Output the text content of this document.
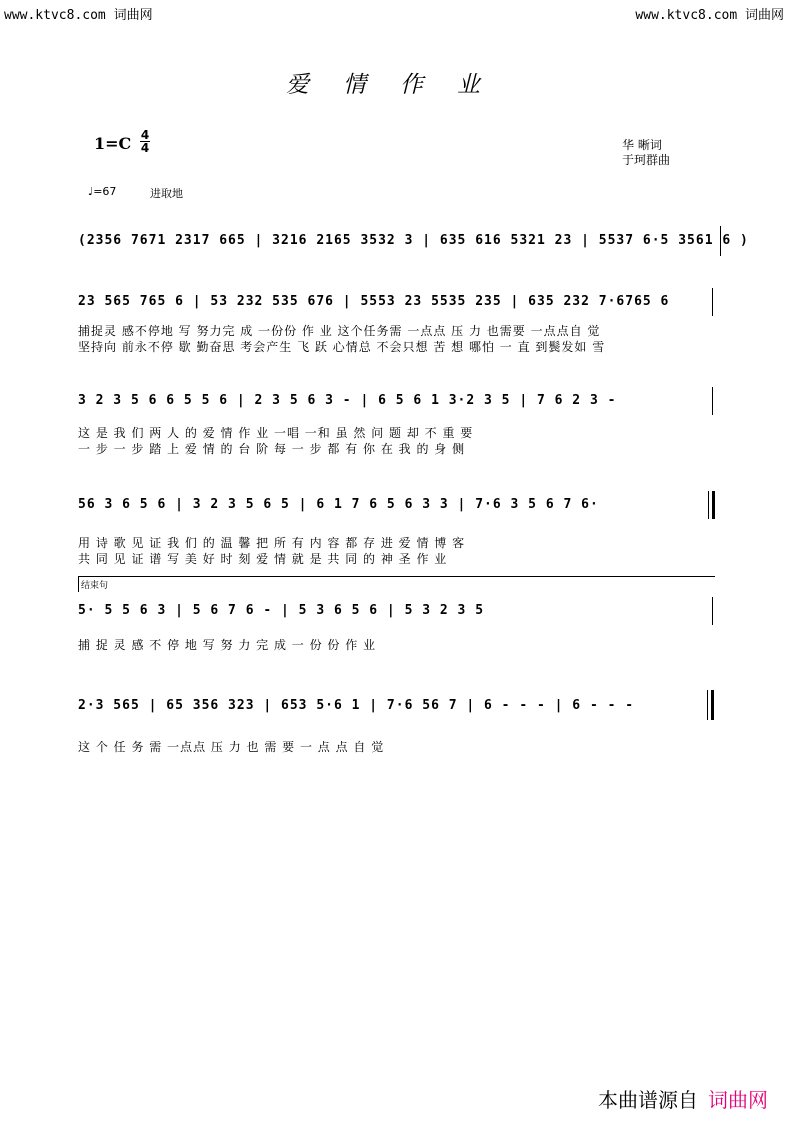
www.ktvc8.com 词曲网	www.ktvc8.com 词曲网
爱情作业
1=C 4
4	华 晰词
于珂群曲
♩=67	进取地
(2356 7671 2317 665 | 3216 2165 3532 3 | 635 616 5321 23 | 5537 6·5 3561 6 )
23 565 765 6 | 53 232 535 676 | 5553 23 5535 235 | 635 232 7·6765 6
捕捉灵 感不停地 写 努力完 成 一份份 作 业 这个任务需 一点点 压 力 也需要 一点点自 觉
坚持向 前永不停 歇 勤奋思 考会产生 飞 跃 心情总 不会只想 苦 想 哪怕 一 直 到鬓发如 雪
3 2 3 5 6 6 5 5 6 | 2 3 5 6 3 - | 6 5 6 1 3·2 3 5 | 7 6 2 3 -
这 是 我 们 两 人 的 爱 情 作 业 一唱 一和 虽 然 问 题 却 不 重 要
一 步 一 步 踏 上 爱 情 的 台 阶 每 一 步 都 有 你 在 我 的 身 侧
56 3 6 5 6 | 3 2 3 5 6 5 | 6 1 7 6 5 6 3 3 | 7·6 3 5 6 7 6·
用 诗 歌 见 证 我 们 的 温 馨 把 所 有 内 容 都 存 进 爱 情 博 客
共 同 见 证 谱 写 美 好 时 刻 爱 情 就 是 共 同 的 神 圣 作 业
结束句
5· 5 5 6 3 | 5 6 7 6 - | 5 3 6 5 6 | 5 3 2 3 5
捕 捉 灵 感 不 停 地 写 努 力 完 成 一 份 份 作 业
2·3 565 | 65 356 323 | 653 5·6 1 | 7·6 56 7 | 6 - - - | 6 - - -
这 个 任 务 需 一点点 压 力 也 需 要 一 点 点 自 觉
本曲谱源自 词曲网
